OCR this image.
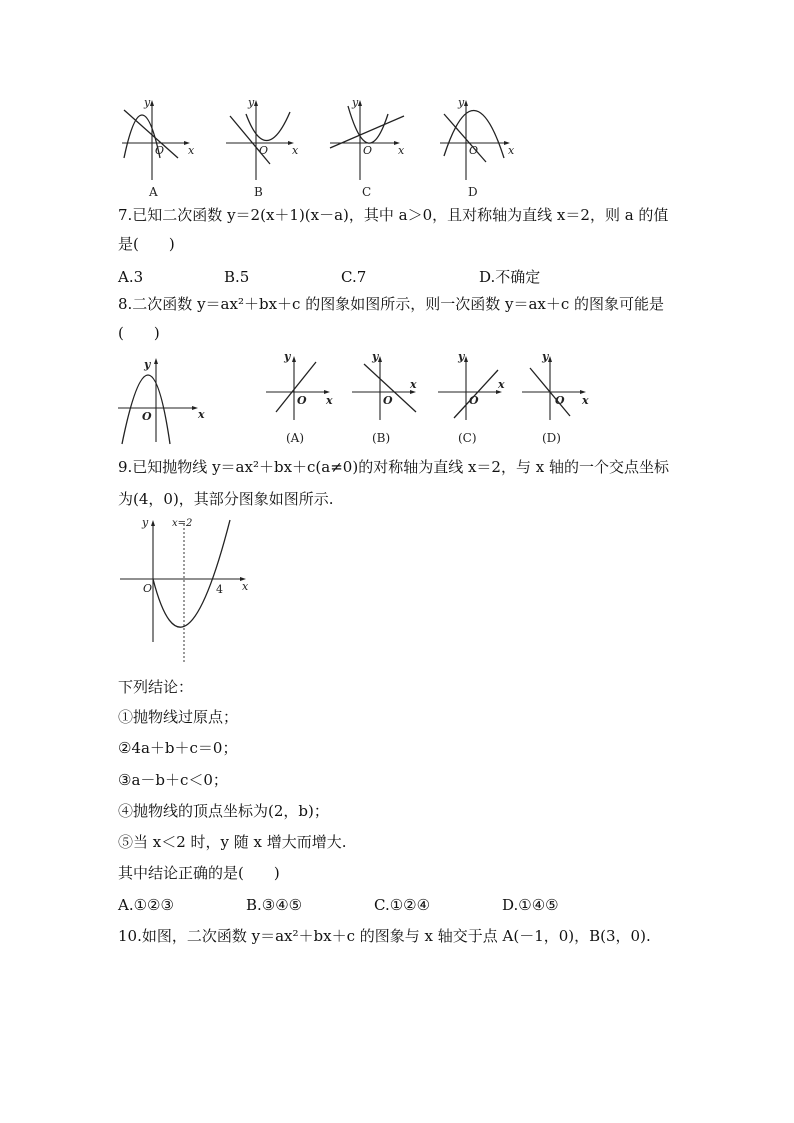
y
x
O
A
y
x
O
B
y
x
O
C
y
x
O
D
7.已知二次函数 y＝2(x＋1)(x－a)，其中 a＞0，且对称轴为直线 x＝2，则 a 的值
是(　　)
A.3	B.5	C.7	D.不确定
8.二次函数 y＝ax²＋bx＋c 的图象如图所示，则一次函数 y＝ax＋c 的图象可能是
(　　)
y
x
O
y
x
O
(A)
y
x
O
(B)
y
x
O
(C)
y
x
O
(D)
9.已知抛物线 y＝ax²＋bx＋c(a≠0)的对称轴为直线 x＝2，与 x 轴的一个交点坐标
为(4，0)，其部分图象如图所示.
y x=2
x
O	4
下列结论：
①抛物线过原点；
②4a＋b＋c＝0；
③a－b＋c＜0；
④抛物线的顶点坐标为(2，b)；
⑤当 x＜2 时，y 随 x 增大而增大.
其中结论正确的是(　　)
A.①②③	B.③④⑤	C.①②④	D.①④⑤
10.如图，二次函数 y＝ax²＋bx＋c 的图象与 x 轴交于点 A(－1，0)，B(3，0).
